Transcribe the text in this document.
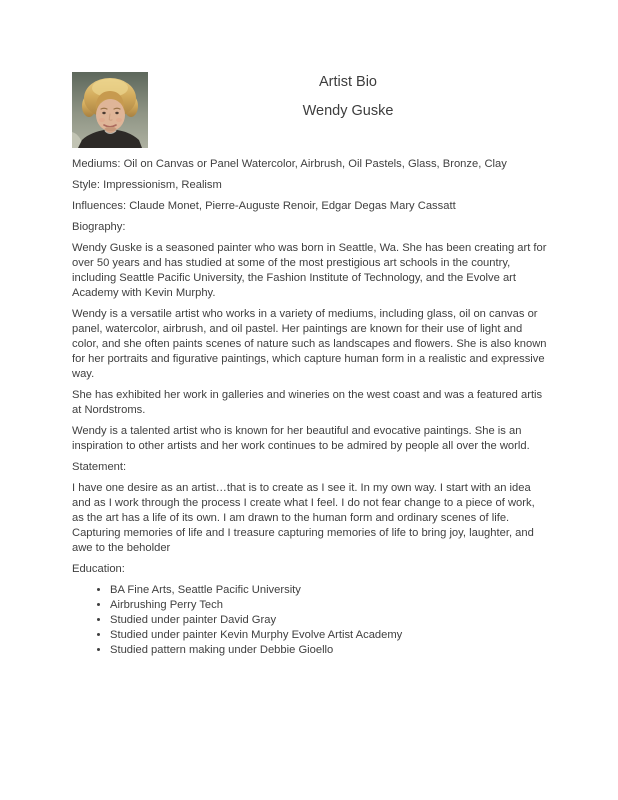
Artist Bio
Wendy Guske

Mediums: Oil on Canvas or Panel Watercolor, Airbrush, Oil Pastels, Glass, Bronze, Clay

Style: Impressionism, Realism

Influences: Claude Monet, Pierre-Auguste Renoir, Edgar Degas Mary Cassatt

Biography:

Wendy Guske is a seasoned painter who was born in Seattle, Wa. She has been creating art for over 50 years and has studied at some of the most prestigious art schools in the country, including Seattle Pacific University, the Fashion Institute of Technology, and the Evolve art Academy with Kevin Murphy.

Wendy is a versatile artist who works in a variety of mediums, including glass, oil on canvas or panel, watercolor, airbrush, and oil pastel. Her paintings are known for their use of light and color, and she often paints scenes of nature such as landscapes and flowers. She is also known for her portraits and figurative paintings, which capture human form in a realistic and expressive way.

She has exhibited her work in galleries and wineries on the west coast and was a featured artis at Nordstroms.

Wendy is a talented artist who is known for her beautiful and evocative paintings. She is an inspiration to other artists and her work continues to be admired by people all over the world.

Statement:

I have one desire as an artist…that is to create as I see it. In my own way. I start with an idea and as I work through the process I create what I feel. I do not fear change to a piece of work, as the art has a life of its own. I am drawn to the human form and ordinary scenes of life. Capturing memories of life and I treasure capturing memories of life to bring joy, laughter, and awe to the beholder

Education:

• BA Fine Arts, Seattle Pacific University
• Airbrushing Perry Tech
• Studied under painter David Gray
• Studied under painter Kevin Murphy Evolve Artist Academy
• Studied pattern making under Debbie Gioello
